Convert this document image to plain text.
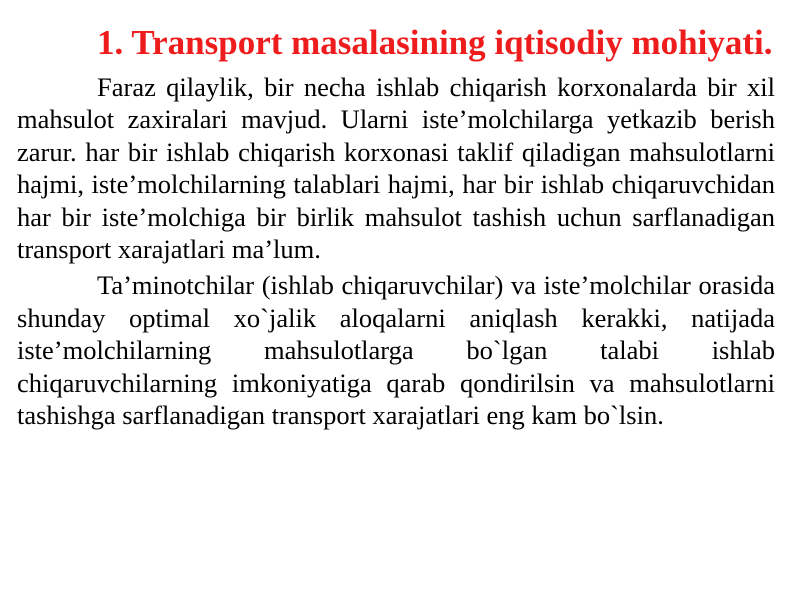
1. Transport masalasining iqtisodiy mohiyati.

Faraz qilaylik, bir necha ishlab chiqarish korxonalarda bir xil mahsulot zaxiralari mavjud. Ularni iste’molchilarga yetkazib berish zarur. har bir ishlab chiqarish korxonasi taklif qiladigan mahsulotlarni hajmi, iste’molchilarning talablari hajmi, har bir ishlab chiqaruvchidan har bir iste’molchiga bir birlik mahsulot tashish uchun sarflanadigan transport xarajatlari ma’lum.

Ta’minotchilar (ishlab chiqaruvchilar) va iste’molchilar orasida shunday optimal xo`jalik aloqalarni aniqlash kerakki, natijada iste’molchilarning mahsulotlarga bo`lgan talabi ishlab chiqaruvchilarning imkoniyatiga qarab qondirilsin va mahsulotlarni tashishga sarflanadigan transport xarajatlari eng kam bo`lsin.
